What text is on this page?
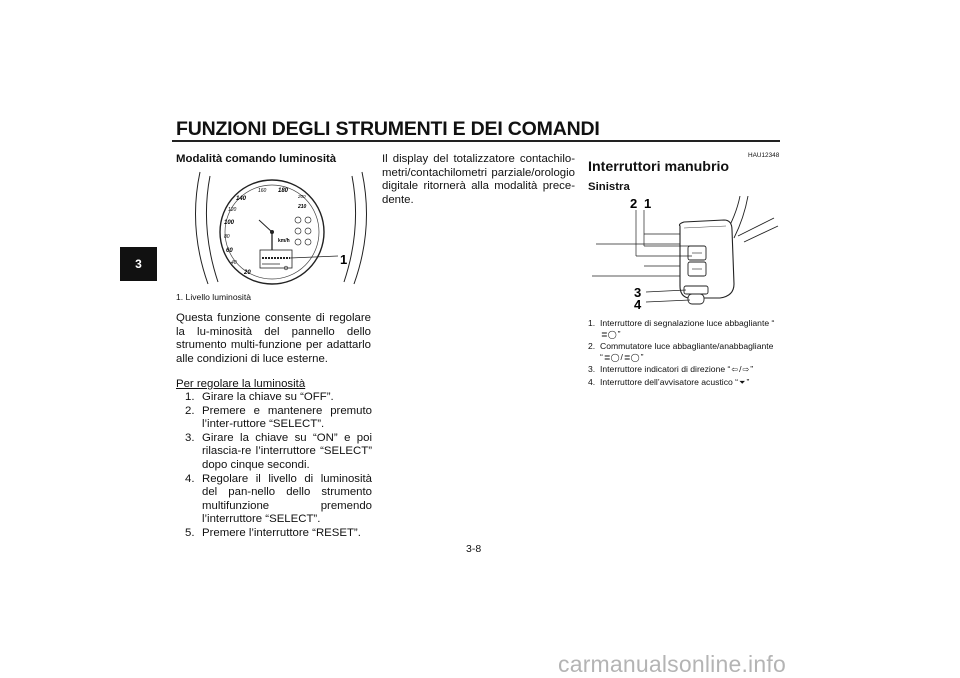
FUNZIONI DEGLI STRUMENTI E DEI COMANDI
3
Modalità comando luminosità
20
40
60
80
100
120
140
160 180
200
210
km/h
1
1. Livello luminosità
Questa funzione consente di regolare la lu-minosità del pannello dello strumento multi-funzione per adattarlo alle condizioni di luce esterne.
Per regolare la luminosità
1. Girare la chiave su “OFF”.
2. Premere e mantenere premuto l’inter-ruttore “SELECT”.
3. Girare la chiave su “ON” e poi rilascia-re l’interruttore “SELECT” dopo cinque secondi.
4. Regolare il livello di luminosità del pan-nello dello strumento multifunzione premendo l’interruttore “SELECT”.
5. Premere l’interruttore “RESET”.
Il display del totalizzatore contachilo-metri/contachilometri parziale/orologio digitale ritornerà alla modalità prece-dente.
HAU12348
Interruttori manubrio
Sinistra
2 1
3
4
1. Interruttore di segnalazione luce abbagliante “≣◯”
2. Commutatore luce abbagliante/anabbagliante “≣◯/≣◯”
3. Interruttore indicatori di direzione “⇦/⇨”
4. Interruttore dell’avvisatore acustico “⏷”
3-8
carmanualsonline.info
